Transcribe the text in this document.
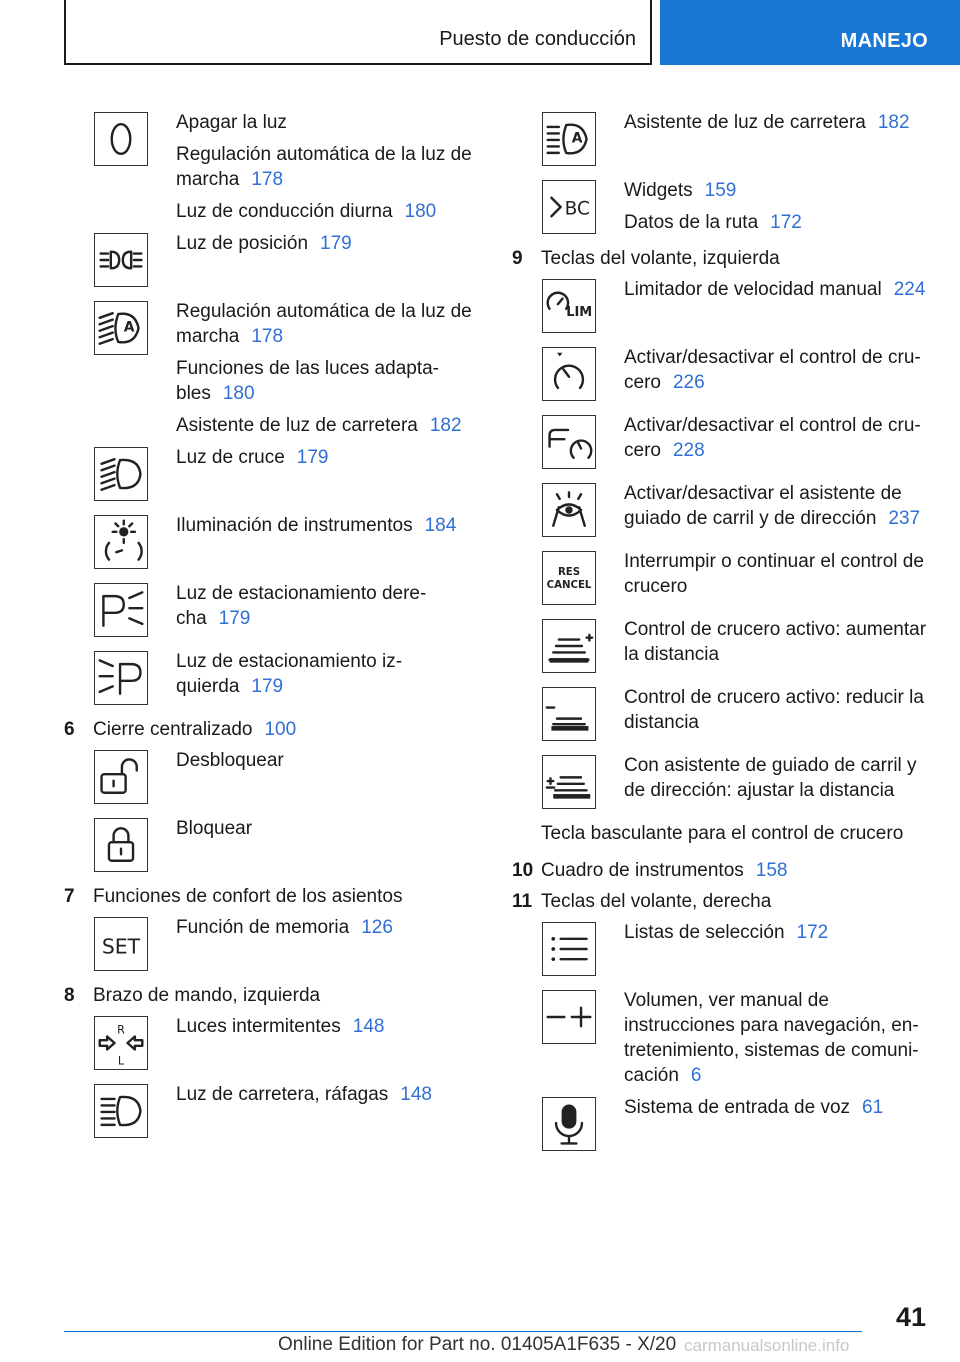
Puesto de conducción	MANEJO

Apagar la luz

Regulación automática de la luz de marcha 178

Luz de conducción diurna 180

Luz de posición 179

A

Regulación automática de la luz de marcha 178

Funciones de las luces adaptables 180

Asistente de luz de carretera 182

Luz de cruce 179

Iluminación de instrumentos 184

Luz de estacionamiento derecha 179

Luz de estacionamiento izquierda 179

6 Cierre centralizado 100

Desbloquear

Bloquear

7 Funciones de confort de los asientos
SET

Función de memoria 126

8 Brazo de mando, izquierda
R
L

Luces intermitentes 148

Luz de carretera, ráfagas 148

A

Asistente de luz de carretera 182

BC

Widgets 159

Datos de la ruta 172

9 Teclas del volante, izquierda
LIM

Limitador de velocidad manual 224

Activar/desactivar el control de crucero 226

Activar/desactivar el control de crucero 228

Activar/desactivar el asistente de guiado de carril y de dirección 237

RES
CANCEL

Interrumpir o continuar el control de crucero

Control de crucero activo: aumentar la distancia

Control de crucero activo: reducir la distancia

Con asistente de guiado de carril y de dirección: ajustar la distancia

Tecla basculante para el control de crucero
10 Cuadro de instrumentos 158
11 Teclas del volante, derecha

Listas de selección 172

Volumen, ver manual de instrucciones para navegación, entretenimiento, sistemas de comunicación 6

Sistema de entrada de voz 61

41
Online Edition for Part no. 01405A1F635 - X/20 carmanualsonline.info
